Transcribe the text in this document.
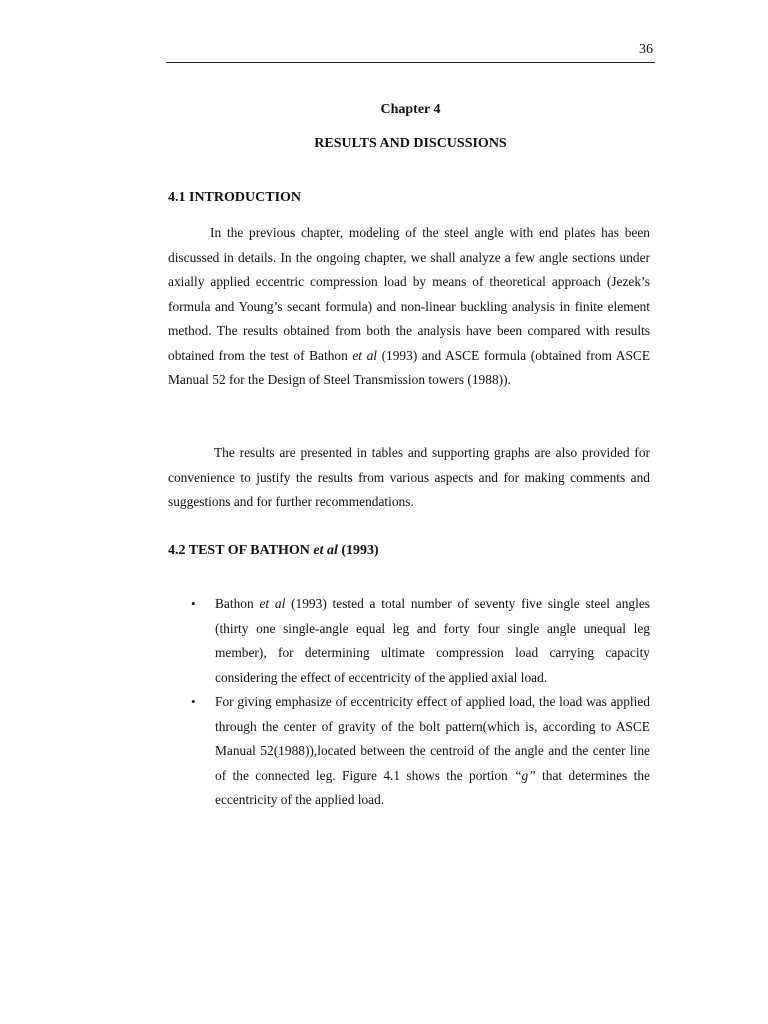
36
Chapter 4
RESULTS AND DISCUSSIONS
4.1 INTRODUCTION

In the previous chapter, modeling of the steel angle with end plates has been discussed in details. In the ongoing chapter, we shall analyze a few angle sections under axially applied eccentric compression load by means of theoretical approach (Jezek’s formula and Young’s secant formula) and non-linear buckling analysis in finite element method. The results obtained from both the analysis have been compared with results obtained from the test of Bathon et al (1993) and ASCE formula (obtained from ASCE Manual 52 for the Design of Steel Transmission towers (1988)).

The results are presented in tables and supporting graphs are also provided for convenience to justify the results from various aspects and for making comments and suggestions and for further recommendations.

4.2 TEST OF BATHON et al (1993)
• Bathon et al (1993) tested a total number of seventy five single steel angles (thirty one single-angle equal leg and forty four single angle unequal leg member), for determining ultimate compression load carrying capacity considering the effect of eccentricity of the applied axial load.

• For giving emphasize of eccentricity effect of applied load, the load was applied through the center of gravity of the bolt pattern(which is, according to ASCE Manual 52(1988)),located between the centroid of the angle and the center line of the connected leg. Figure 4.1 shows the portion “g” that determines the eccentricity of the applied load.
